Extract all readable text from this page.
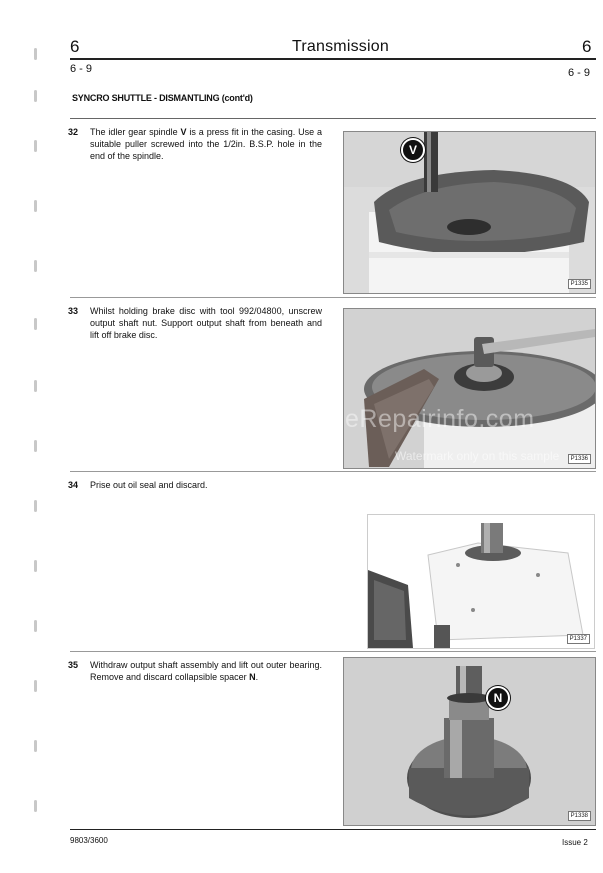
6	Transmission	6
6 - 9	6 - 9
SYNCRO SHUTTLE - DISMANTLING (cont'd)
32 The idler gear spindle V is a press fit in the casing. Use a suitable puller screwed into the 1/2in. B.S.P. hole in the end of the spindle.	V
P1335
33 Whilst holding brake disc with tool 992/04800, unscrew output shaft nut. Support output shaft from beneath and lift off brake disc.
P1336
eRepairinfo.com
Watermark only on this sample
34 Prise out oil seal and discard.
P1337
35 Withdraw output shaft assembly and lift out outer bearing. Remove and discard collapsible spacer N.
N
P1338
9803/3600	Issue 2
